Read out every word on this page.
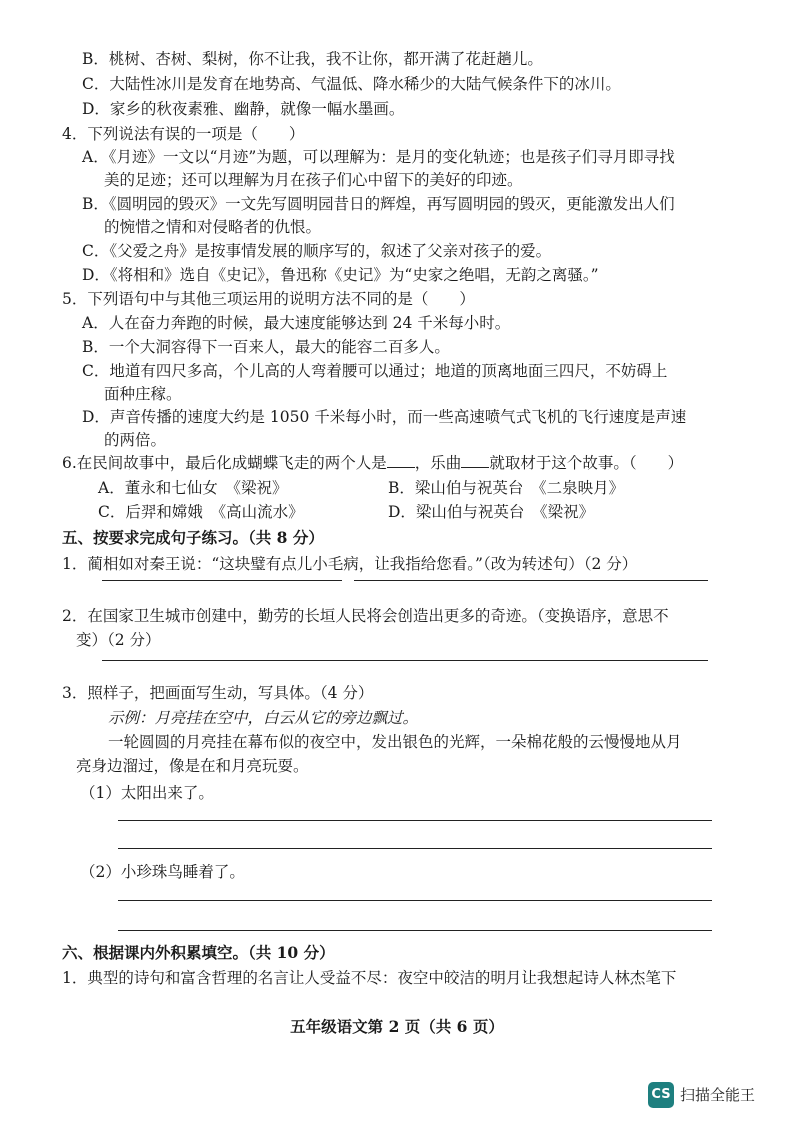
B．桃树、杏树、梨树，你不让我，我不让你，都开满了花赶趟儿。
C．大陆性冰川是发育在地势高、气温低、降水稀少的大陆气候条件下的冰川。
D．家乡的秋夜素雅、幽静，就像一幅水墨画。
4．下列说法有误的一项是（　　）
A．《月迹》一文以“月迹”为题，可以理解为：是月的变化轨迹；也是孩子们寻月即寻找
美的足迹；还可以理解为月在孩子们心中留下的美好的印迹。
B．《圆明园的毁灭》一文先写圆明园昔日的辉煌，再写圆明园的毁灭，更能激发出人们
的惋惜之情和对侵略者的仇恨。
C．《父爱之舟》是按事情发展的顺序写的，叙述了父亲对孩子的爱。
D．《将相和》选自《史记》，鲁迅称《史记》为“史家之绝唱，无韵之离骚。”
5．下列语句中与其他三项运用的说明方法不同的是（　　）
A．人在奋力奔跑的时候，最大速度能够达到 24 千米每小时。
B．一个大洞容得下一百来人，最大的能容二百多人。
C．地道有四尺多高，个儿高的人弯着腰可以通过；地道的顶离地面三四尺，不妨碍上
面种庄稼。
D．声音传播的速度大约是 1050 千米每小时，而一些高速喷气式飞机的飞行速度是声速
的两倍。
6.在民间故事中，最后化成蝴蝶飞走的两个人是 ，乐曲 就取材于这个故事。（　　）
A．董永和七仙女　《梁祝》	B．梁山伯与祝英台　《二泉映月》
C．后羿和嫦娥　《高山流水》	D．梁山伯与祝英台　《梁祝》
五、按要求完成句子练习。（共 8 分）
1．蔺相如对秦王说：“这块璧有点儿小毛病，让我指给您看。”（改为转述句）（2 分）
2．在国家卫生城市创建中，勤劳的长垣人民将会创造出更多的奇迹。（变换语序，意思不
变）（2 分）
3．照样子，把画面写生动，写具体。（4 分）
示例：月亮挂在空中，白云从它的旁边飘过。
一轮圆圆的月亮挂在幕布似的夜空中，发出银色的光辉，一朵棉花般的云慢慢地从月
亮身边溜过，像是在和月亮玩耍。
（1）太阳出来了。
（2）小珍珠鸟睡着了。
六、根据课内外积累填空。（共 10 分）
1．典型的诗句和富含哲理的名言让人受益不尽：夜空中皎洁的明月让我想起诗人林杰笔下
五年级语文第 2 页（共 6 页）
CS 扫描全能王
